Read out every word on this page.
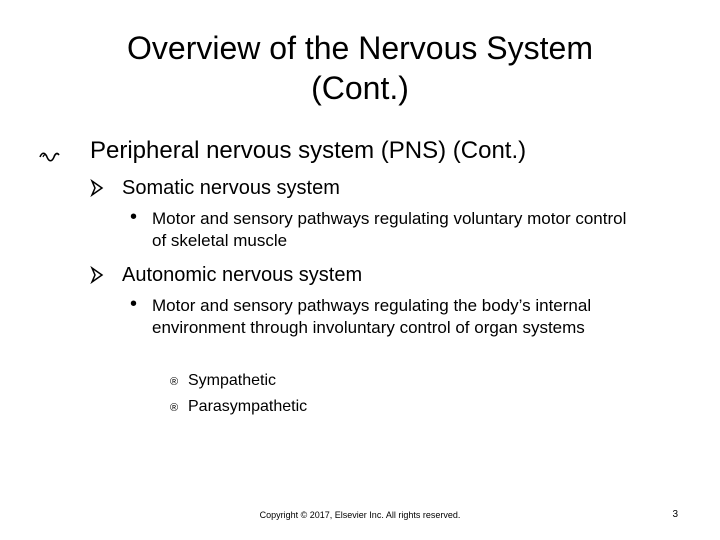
Overview of the Nervous System
(Cont.)
Peripheral nervous system (PNS) (Cont.)
Somatic nervous system
• Motor and sensory pathways regulating voluntary motor control of skeletal muscle
Autonomic nervous system
• Motor and sensory pathways regulating the body’s internal environment through involuntary control of organ systems
® Sympathetic
® Parasympathetic
Copyright © 2017, Elsevier Inc. All rights reserved.	3
